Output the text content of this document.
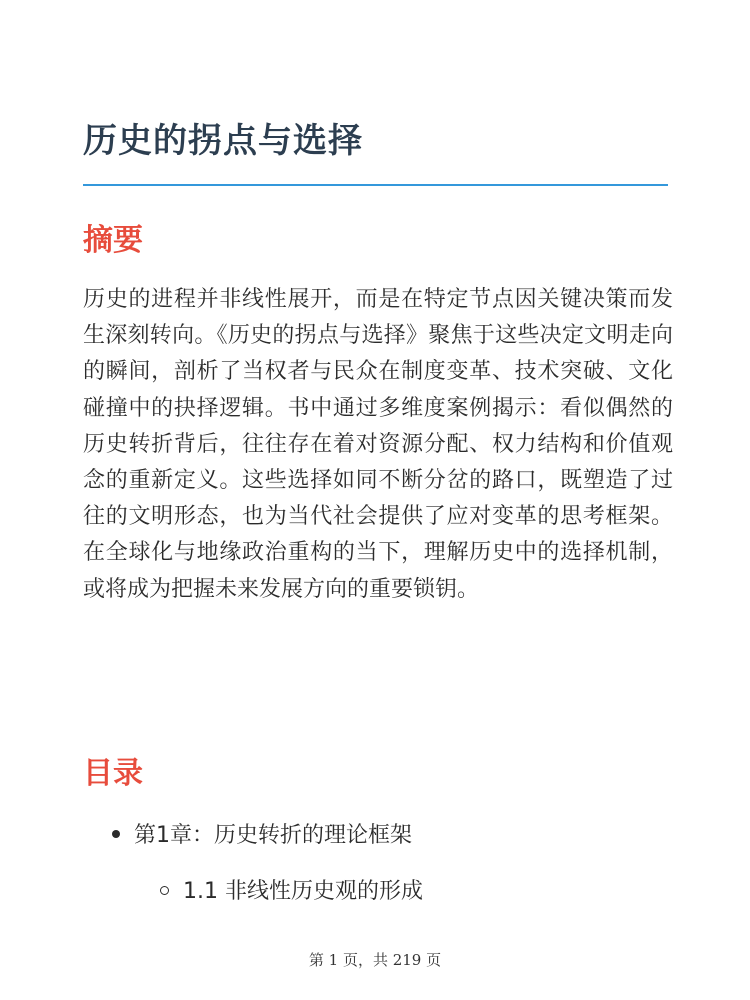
历史的拐点与选择
摘要

历史的进程并非线性展开，而是在特定节点因关键决策而发生深刻转向。《历史的拐点与选择》聚焦于这些决定文明走向的瞬间，剖析了当权者与民众在制度变革、技术突破、文化碰撞中的抉择逻辑。书中通过多维度案例揭示：看似偶然的历史转折背后，往往存在着对资源分配、权力结构和价值观念的重新定义。这些选择如同不断分岔的路口，既塑造了过往的文明形态，也为当代社会提供了应对变革的思考框架。在全球化与地缘政治重构的当下，理解历史中的选择机制，或将成为把握未来发展方向的重要锁钥。

目录
第1章：历史转折的理论框架
1.1 非线性历史观的形成
第 1 页，共 219 页
